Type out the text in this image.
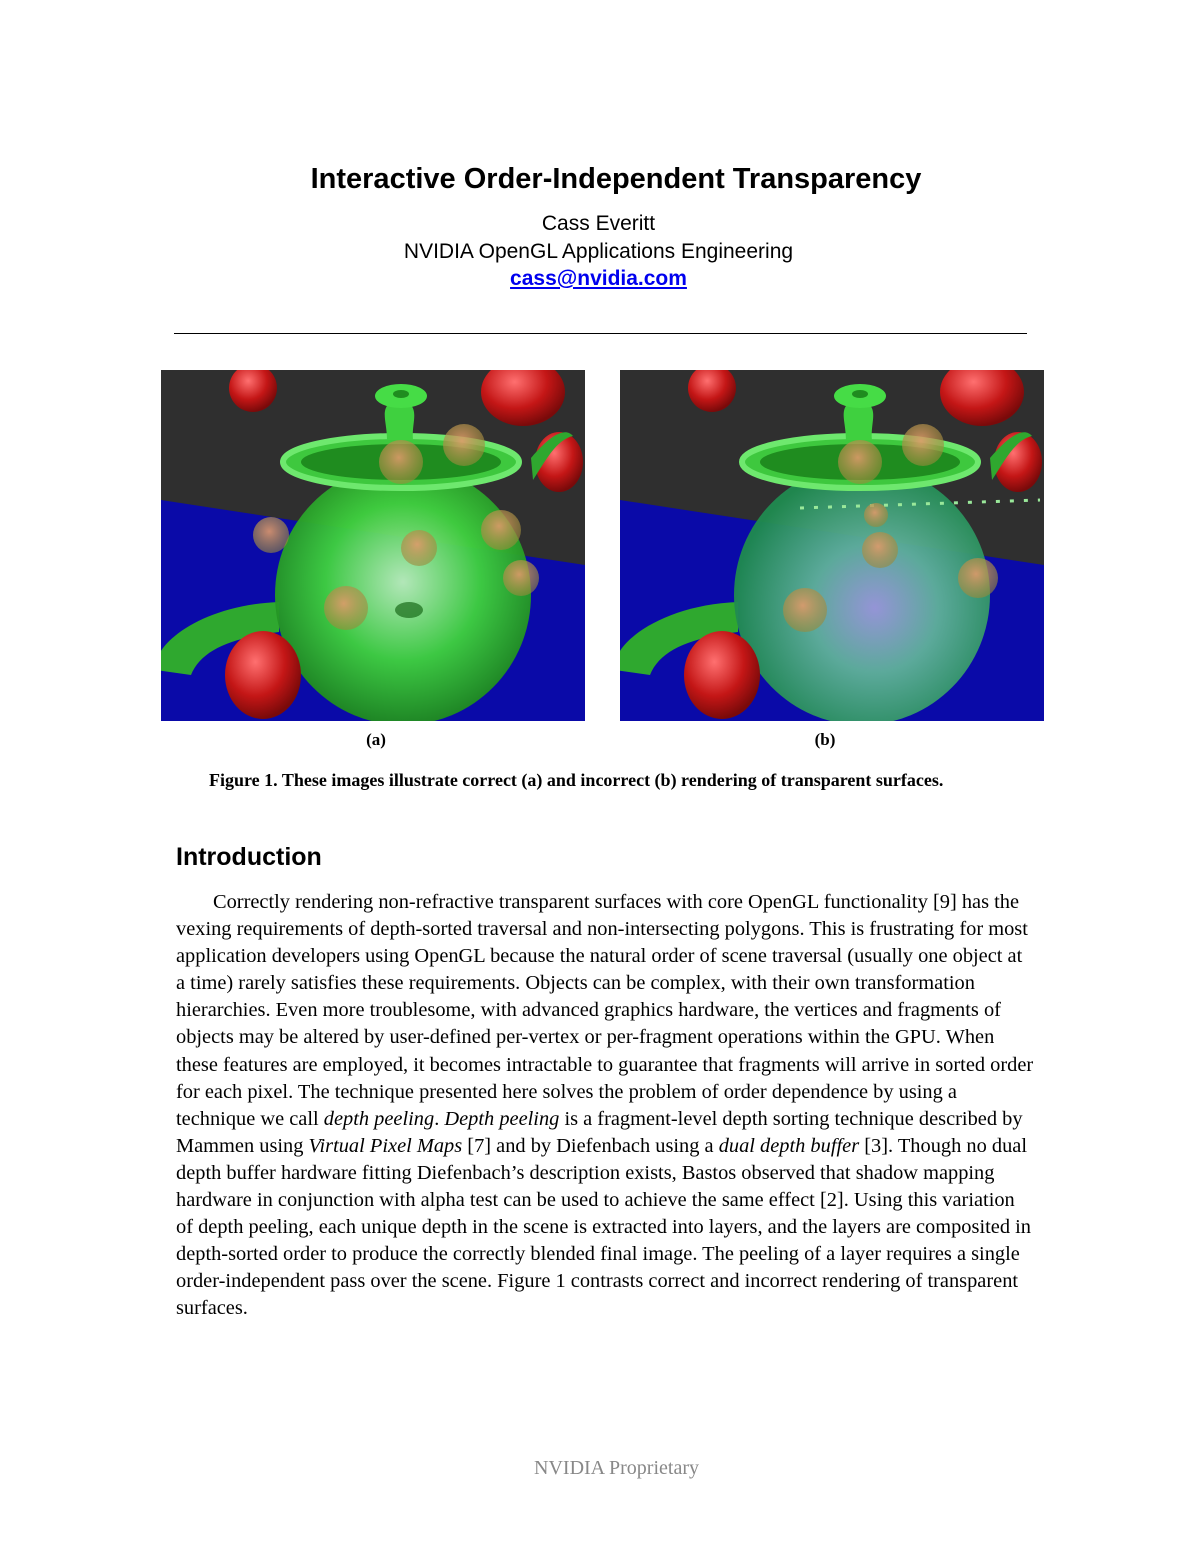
Interactive Order-Independent Transparency
Cass Everitt
NVIDIA OpenGL Applications Engineering
cass@nvidia.com
(a)	(b)
Figure 1. These images illustrate correct (a) and incorrect (b) rendering of transparent surfaces.
Introduction
Correctly rendering non-refractive transparent surfaces with core OpenGL functionality [9] has the vexing requirements of depth-sorted traversal and non-intersecting polygons. This is frustrating for most application developers using OpenGL because the natural order of scene traversal (usually one object at a time) rarely satisfies these requirements. Objects can be complex, with their own transformation hierarchies. Even more troublesome, with advanced graphics hardware, the vertices and fragments of objects may be altered by user-defined per-vertex or per-fragment operations within the GPU. When these features are employed, it becomes intractable to guarantee that fragments will arrive in sorted order for each pixel. The technique presented here solves the problem of order dependence by using a technique we call depth peeling. Depth peeling is a fragment-level depth sorting technique described by Mammen using Virtual Pixel Maps [7] and by Diefenbach using a dual depth buffer [3]. Though no dual depth buffer hardware fitting Diefenbach’s description exists, Bastos observed that shadow mapping hardware in conjunction with alpha test can be used to achieve the same effect [2]. Using this variation of depth peeling, each unique depth in the scene is extracted into layers, and the layers are composited in depth-sorted order to produce the correctly blended final image. The peeling of a layer requires a single order-independent pass over the scene. Figure 1 contrasts correct and incorrect rendering of transparent surfaces.
NVIDIA Proprietary
